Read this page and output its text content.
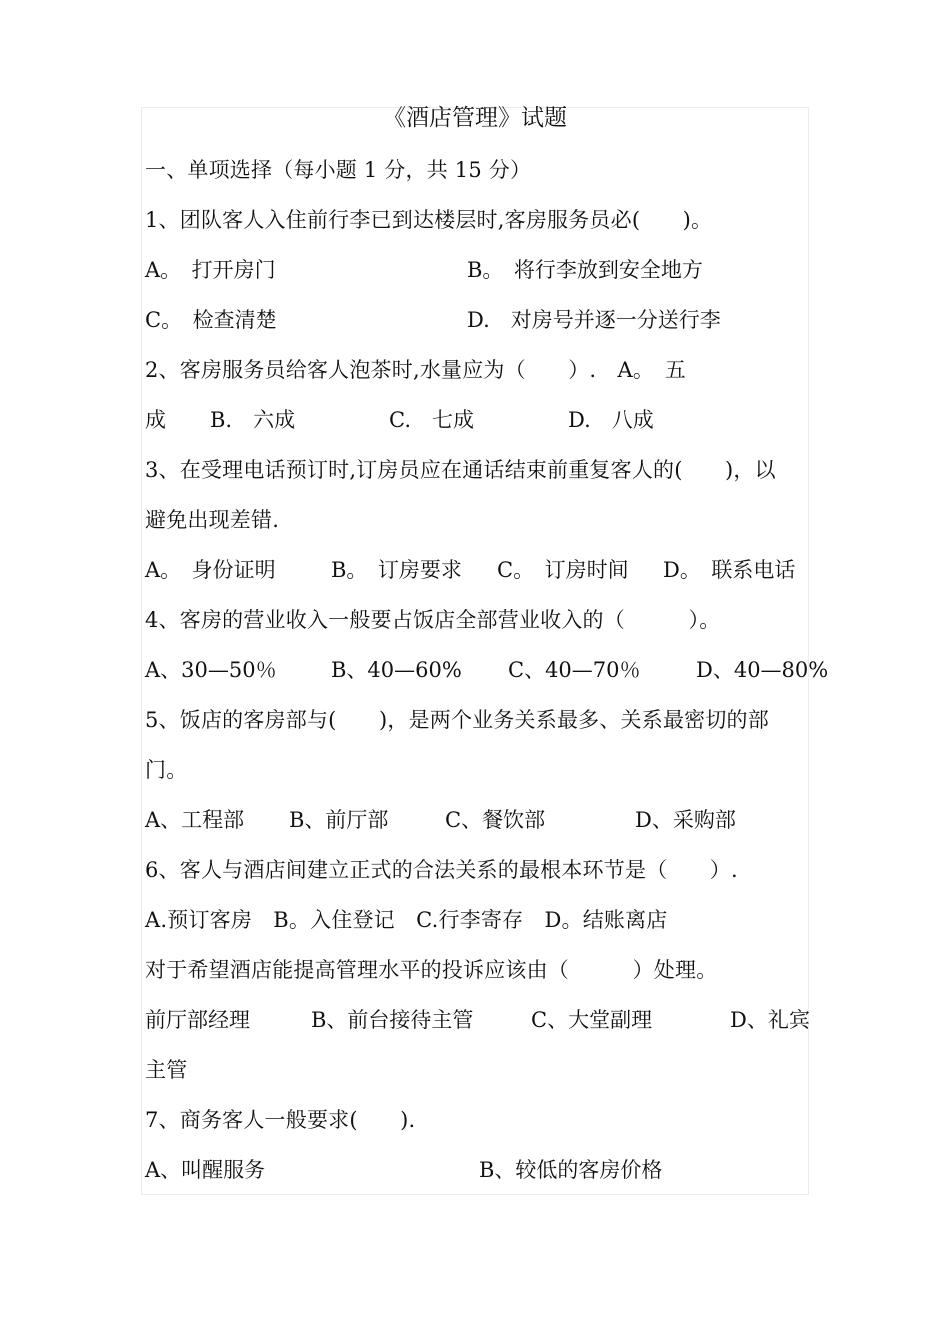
《酒店管理》试题
一、单项选择（每小题 1 分，共 15 分）
1、团队客人入住前行李已到达楼层时,客房服务员必(　　)。
A。　打开房门	B。　将行李放到安全地方
C。　检查清楚	D.　对房号并逐一分送行李
2、客房服务员给客人泡茶时,水量应为（　　）.　A。　五
成 B.　六成	C.　七成	D.　八成
3、在受理电话预订时,订房员应在通话结束前重复客人的(　　)，以
避免出现差错.
A。　身份证明	B。　订房要求 C。　订房时间 D。　联系电话
4、客房的营业收入一般要占饭店全部营业收入的（　　　）。
A、30—50％	B、40—60% C、40—70％	D、40—80%
5、饭店的客房部与(　　)，是两个业务关系最多、关系最密切的部
门。
A、工程部 B、前厅部	C、餐饮部	D、采购部
6、客人与酒店间建立正式的合法关系的最根本环节是（　　）.
A.预订客房　B。入住登记　C.行李寄存　D。结账离店
对于希望酒店能提高管理水平的投诉应该由（　　　）处理。
前厅部经理	B、前台接待主管	C、大堂副理	D、礼宾
主管
7、商务客人一般要求(　　).
A、叫醒服务	B、较低的客房价格
